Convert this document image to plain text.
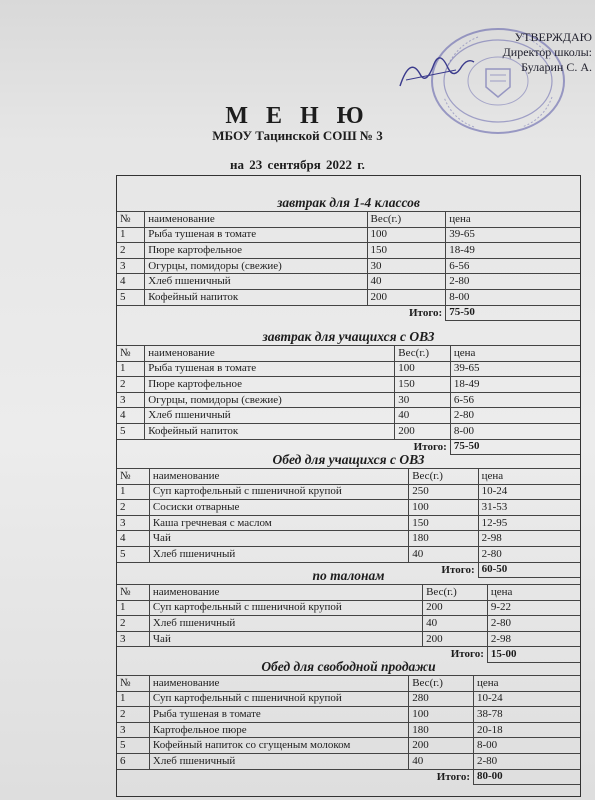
УТВЕРЖДАЮ
Директор школы:
Буларин С. А.
М Е Н Ю
МБОУ Тацинской СОШ № 3
на 23 сентября 2022 г.
завтрак для 1-4 классов
№	наименование	Вес(г.)	цена
1	Рыба тушеная в томате	100	39-65
2	Пюре картофельное	150	18-49
3	Огурцы, помидоры (свежие)	30	6-56
4	Хлеб пшеничный	40	2-80
5	Кофейный напиток	200	8-00
		Итого:	75-50
завтрак для учащихся с ОВЗ
№	наименование	Вес(г.)	цена
1	Рыба тушеная в томате	100	39-65
2	Пюре картофельное	150	18-49
3	Огурцы, помидоры (свежие)	30	6-56
4	Хлеб пшеничный	40	2-80
5	Кофейный напиток	200	8-00
		Итого:	75-50
Обед для учащихся с ОВЗ
№	наименование	Вес(г.)	цена
1	Суп картофельный с пшеничной крупой	250	10-24
2	Сосиски отварные	100	31-53
3	Каша гречневая с маслом	150	12-95
4	Чай	180	2-98
5	Хлеб пшеничный	40	2-80
		Итого:	60-50
по талонам
№	наименование	Вес(г.)	цена
1	Суп картофельный с пшеничной крупой	200	9-22
2	Хлеб пшеничный	40	2-80
3	Чай	200	2-98
		Итого:	15-00
Обед для свободной продажи
№	наименование	Вес(г.)	цена
1	Суп картофельный с пшеничной крупой	280	10-24
2	Рыба тушеная в томате	100	38-78
3	Картофельное пюре	180	20-18
5	Кофейный напиток со сгущеным молоком	200	8-00
6	Хлеб пшеничный	40	2-80
		Итого:	80-00
